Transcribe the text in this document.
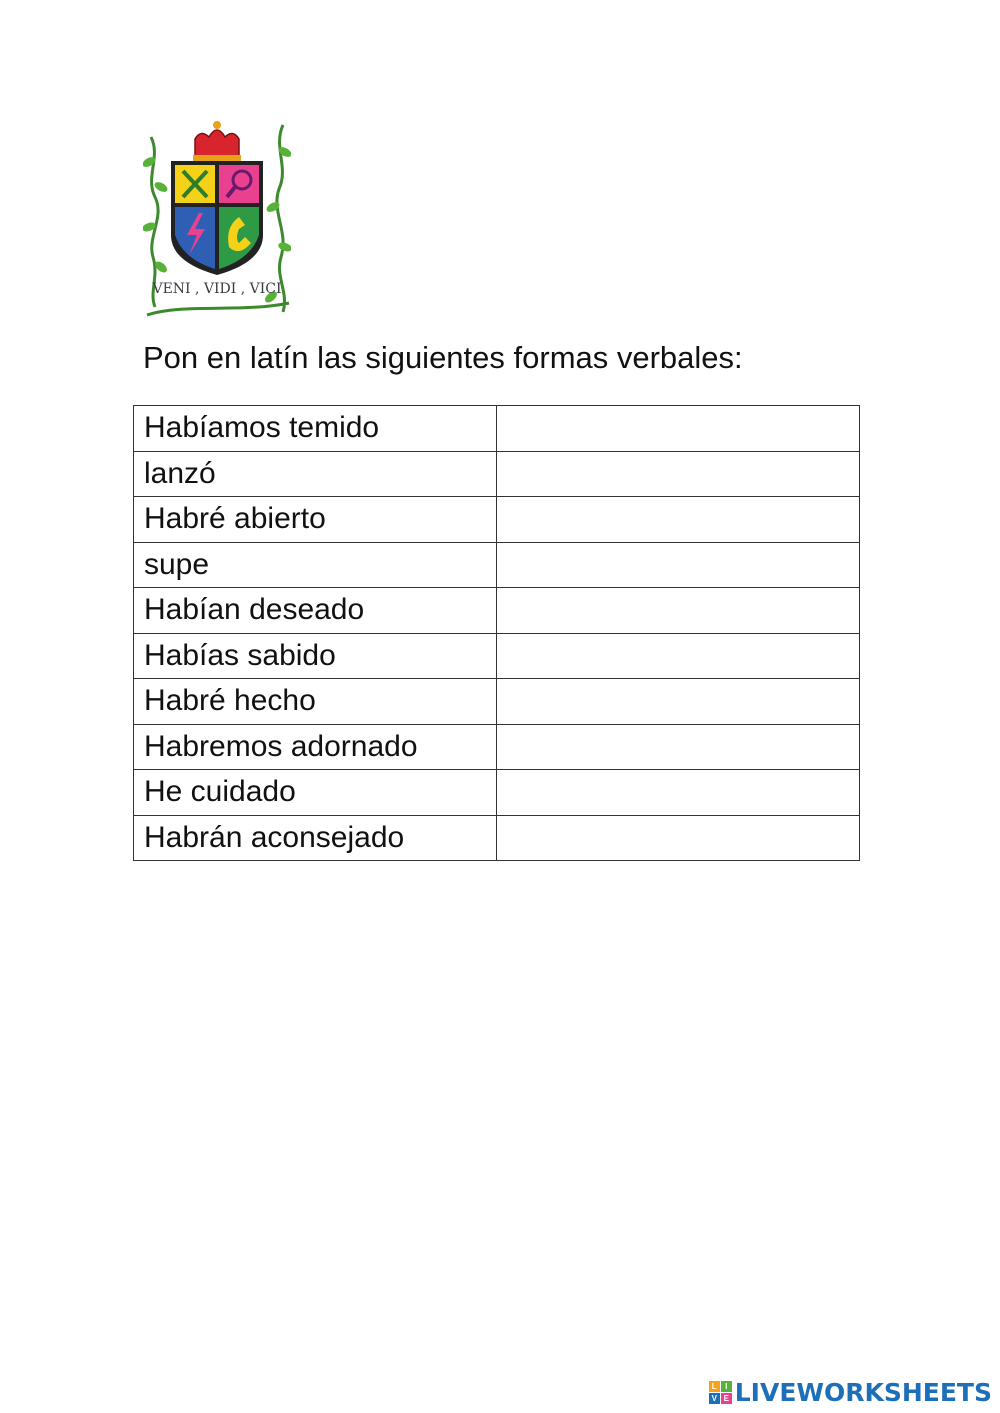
VENI , VIDI , VICI
Pon en latín las siguientes formas verbales:
Habíamos temido	
lanzó	
Habré abierto	
supe	
Habían deseado	
Habías sabido	
Habré hecho	
Habremos adornado	
He cuidado	
Habrán aconsejado	
L	I
V E LIVEWORKSHEETS
